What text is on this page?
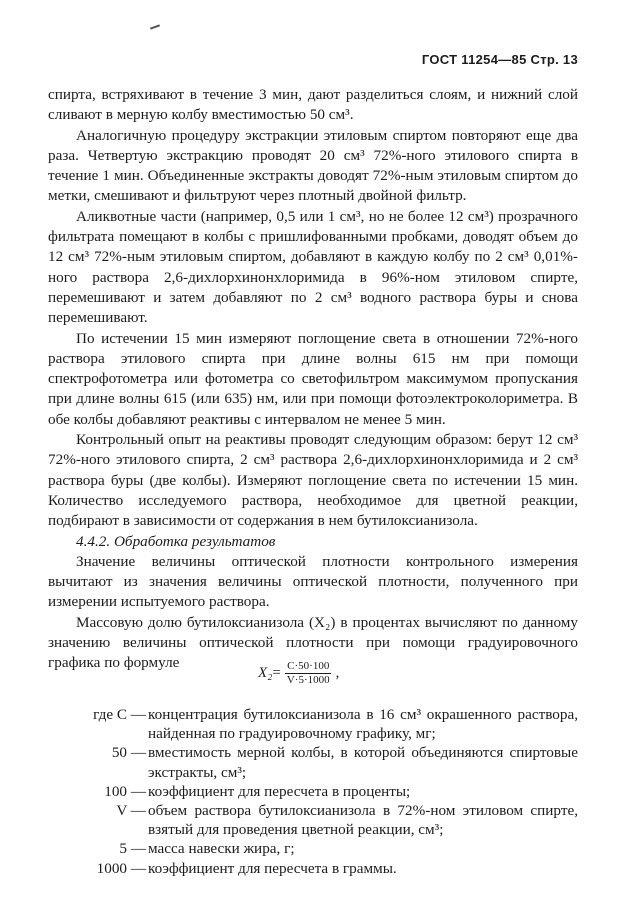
ГОСТ 11254—85 Стр. 13

спирта, встряхивают в течение 3 мин, дают разделиться слоям, и нижний слой сливают в мерную колбу вместимостью 50 см³.

Аналогичную процедуру экстракции этиловым спиртом повторяют еще два раза. Четвертую экстракцию проводят 20 см³ 72%-ного этилового спирта в течение 1 мин. Объединенные экстракты доводят 72%-ным этиловым спиртом до метки, смешивают и фильтруют через плотный двойной фильтр.

Аликвотные части (например, 0,5 или 1 см³, но не более 12 см³) прозрачного фильтрата помещают в колбы с пришлифованными пробками, доводят объем до 12 см³ 72%-ным этиловым спиртом, добавляют в каждую колбу по 2 см³ 0,01%-ного раствора 2,6-дихлорхинонхлоримида в 96%-ном этиловом спирте, перемешивают и затем добавляют по 2 см³ водного раствора буры и снова перемешивают.

По истечении 15 мин измеряют поглощение света в отношении 72%-ного раствора этилового спирта при длине волны 615 нм при помощи спектрофотометра или фотометра со светофильтром максимумом пропускания при длине волны 615 (или 635) нм, или при помощи фотоэлектроколориметра. В обе колбы добавляют реактивы с интервалом не менее 5 мин.

Контрольный опыт на реактивы проводят следующим образом: берут 12 см³ 72%-ного этилового спирта, 2 см³ раствора 2,6-дихлорхинонхлоримида и 2 см³ раствора буры (две колбы). Измеряют поглощение света по истечении 15 мин. Количество исследуемого раствора, необходимое для цветной реакции, подбирают в зависимости от содержания в нем бутилоксианизола.

4.4.2. Обработка результатов

Значение величины оптической плотности контрольного измерения вычитают из значения величины оптической плотности, полученного при измерении испытуемого раствора.

Массовую долю бутилоксианизола (X₂) в процентах вычисляют по данному значению величины оптической плотности при помощи градуировочного графика по формуле

$X_2 = \frac{C\cdot 50\cdot 100}{V\cdot 5\cdot 1000}$ ,
где C — концентрация бутилоксианизола в 16 см³ окрашенного раствора, найденная по градуировочному графику, мг;
50 — вместимость мерной колбы, в которой объединяются спиртовые экстракты, см³;
100 — коэффициент для пересчета в проценты;
V — объем раствора бутилоксианизола в 72%-ном этиловом спирте, взятый для проведения цветной реакции, см³;
5 — масса навески жира, г;
1000 — коэффициент для пересчета в граммы.
